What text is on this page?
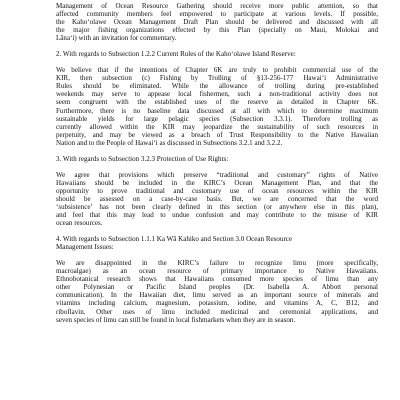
Management of Ocean Resource Gathering should receive more public attention, so that
affected community members feel empowered to participate at various levels. If possible,
the Kaho‘olawe Ocean Management Draft Plan should be delivered and discussed with all
the major fishing organizations effected by this Plan (specially on Maui, Molokai and
Lāna‘i) with an invitation for commentary.
2. With regards to Subsection 1.2.2 Current Rules of the Kaho‘olawe Island Reserve:
We believe that if the intentions of Chapter 6K are truly to prohibit commercial use of the
KIR, then subsection (c) Fishing by Trolling of §13-256-177 Hawai‘i Administrative
Rules should be eliminated. While the allowance of trolling during pre-established
weekends may serve to appease local fishermen, such a non-traditional activity does not
seem congruent with the established uses of the reserve as detailed in Chapter 6K.
Furthermore, there is no baseline data discussed at all with which to determine maximum
sustainable yields for large pelagic species (Subsection 3.3.1). Therefore trolling as
currently allowed within the KIR may jeopardize the sustainability of such resources in
perpetuity, and may be viewed as a breach of Trust Responsibility to the Native Hawaiian
Nation and to the People of Hawai‘i as discussed in Subsections 3.2.1 and 3.2.2.
3. With regards to Subsection 3.2.3 Protection of Use Rights:
We agree that provisions which preserve “traditional and customary” rights of Native
Hawaiians should be included in the KIRC’s Ocean Management Plan, and that the
opportunity to prove traditional and customary use of ocean resources within the KIR
should be assessed on a case-by-case basis. But, we are concerned that the word
‘subsistence’ has not been clearly defined in this section (or anywhere else in this plan),
and feel that this may lead to undue confusion and may contribute to the misuse of KIR
ocean resources.
4. With regards to Subsection 1.1.1 Ka Wā Kahiko and Section 3.0 Ocean Resource
Management Issues:
We are disappointed in the KIRC’s failure to recognize limu (more specifically,
macroalgae) as an ocean resource of primary importance to Native Hawaiians.
Ethnobotanical research shows that Hawaiians consumed more species of limu than any
other Polynesian or Pacific Island peoples (Dr. Isabella A. Abbott personal
communication). In the Hawaiian diet, limu served as an important source of minerals and
vitamins including calcium, magnesium, potassium, iodine, and vitamins A, C, B12, and
riboflavin. Other uses of limu included medicinal and ceremonial applications, and
seven species of limu can still be found in local fishmarkets when they are in season.
